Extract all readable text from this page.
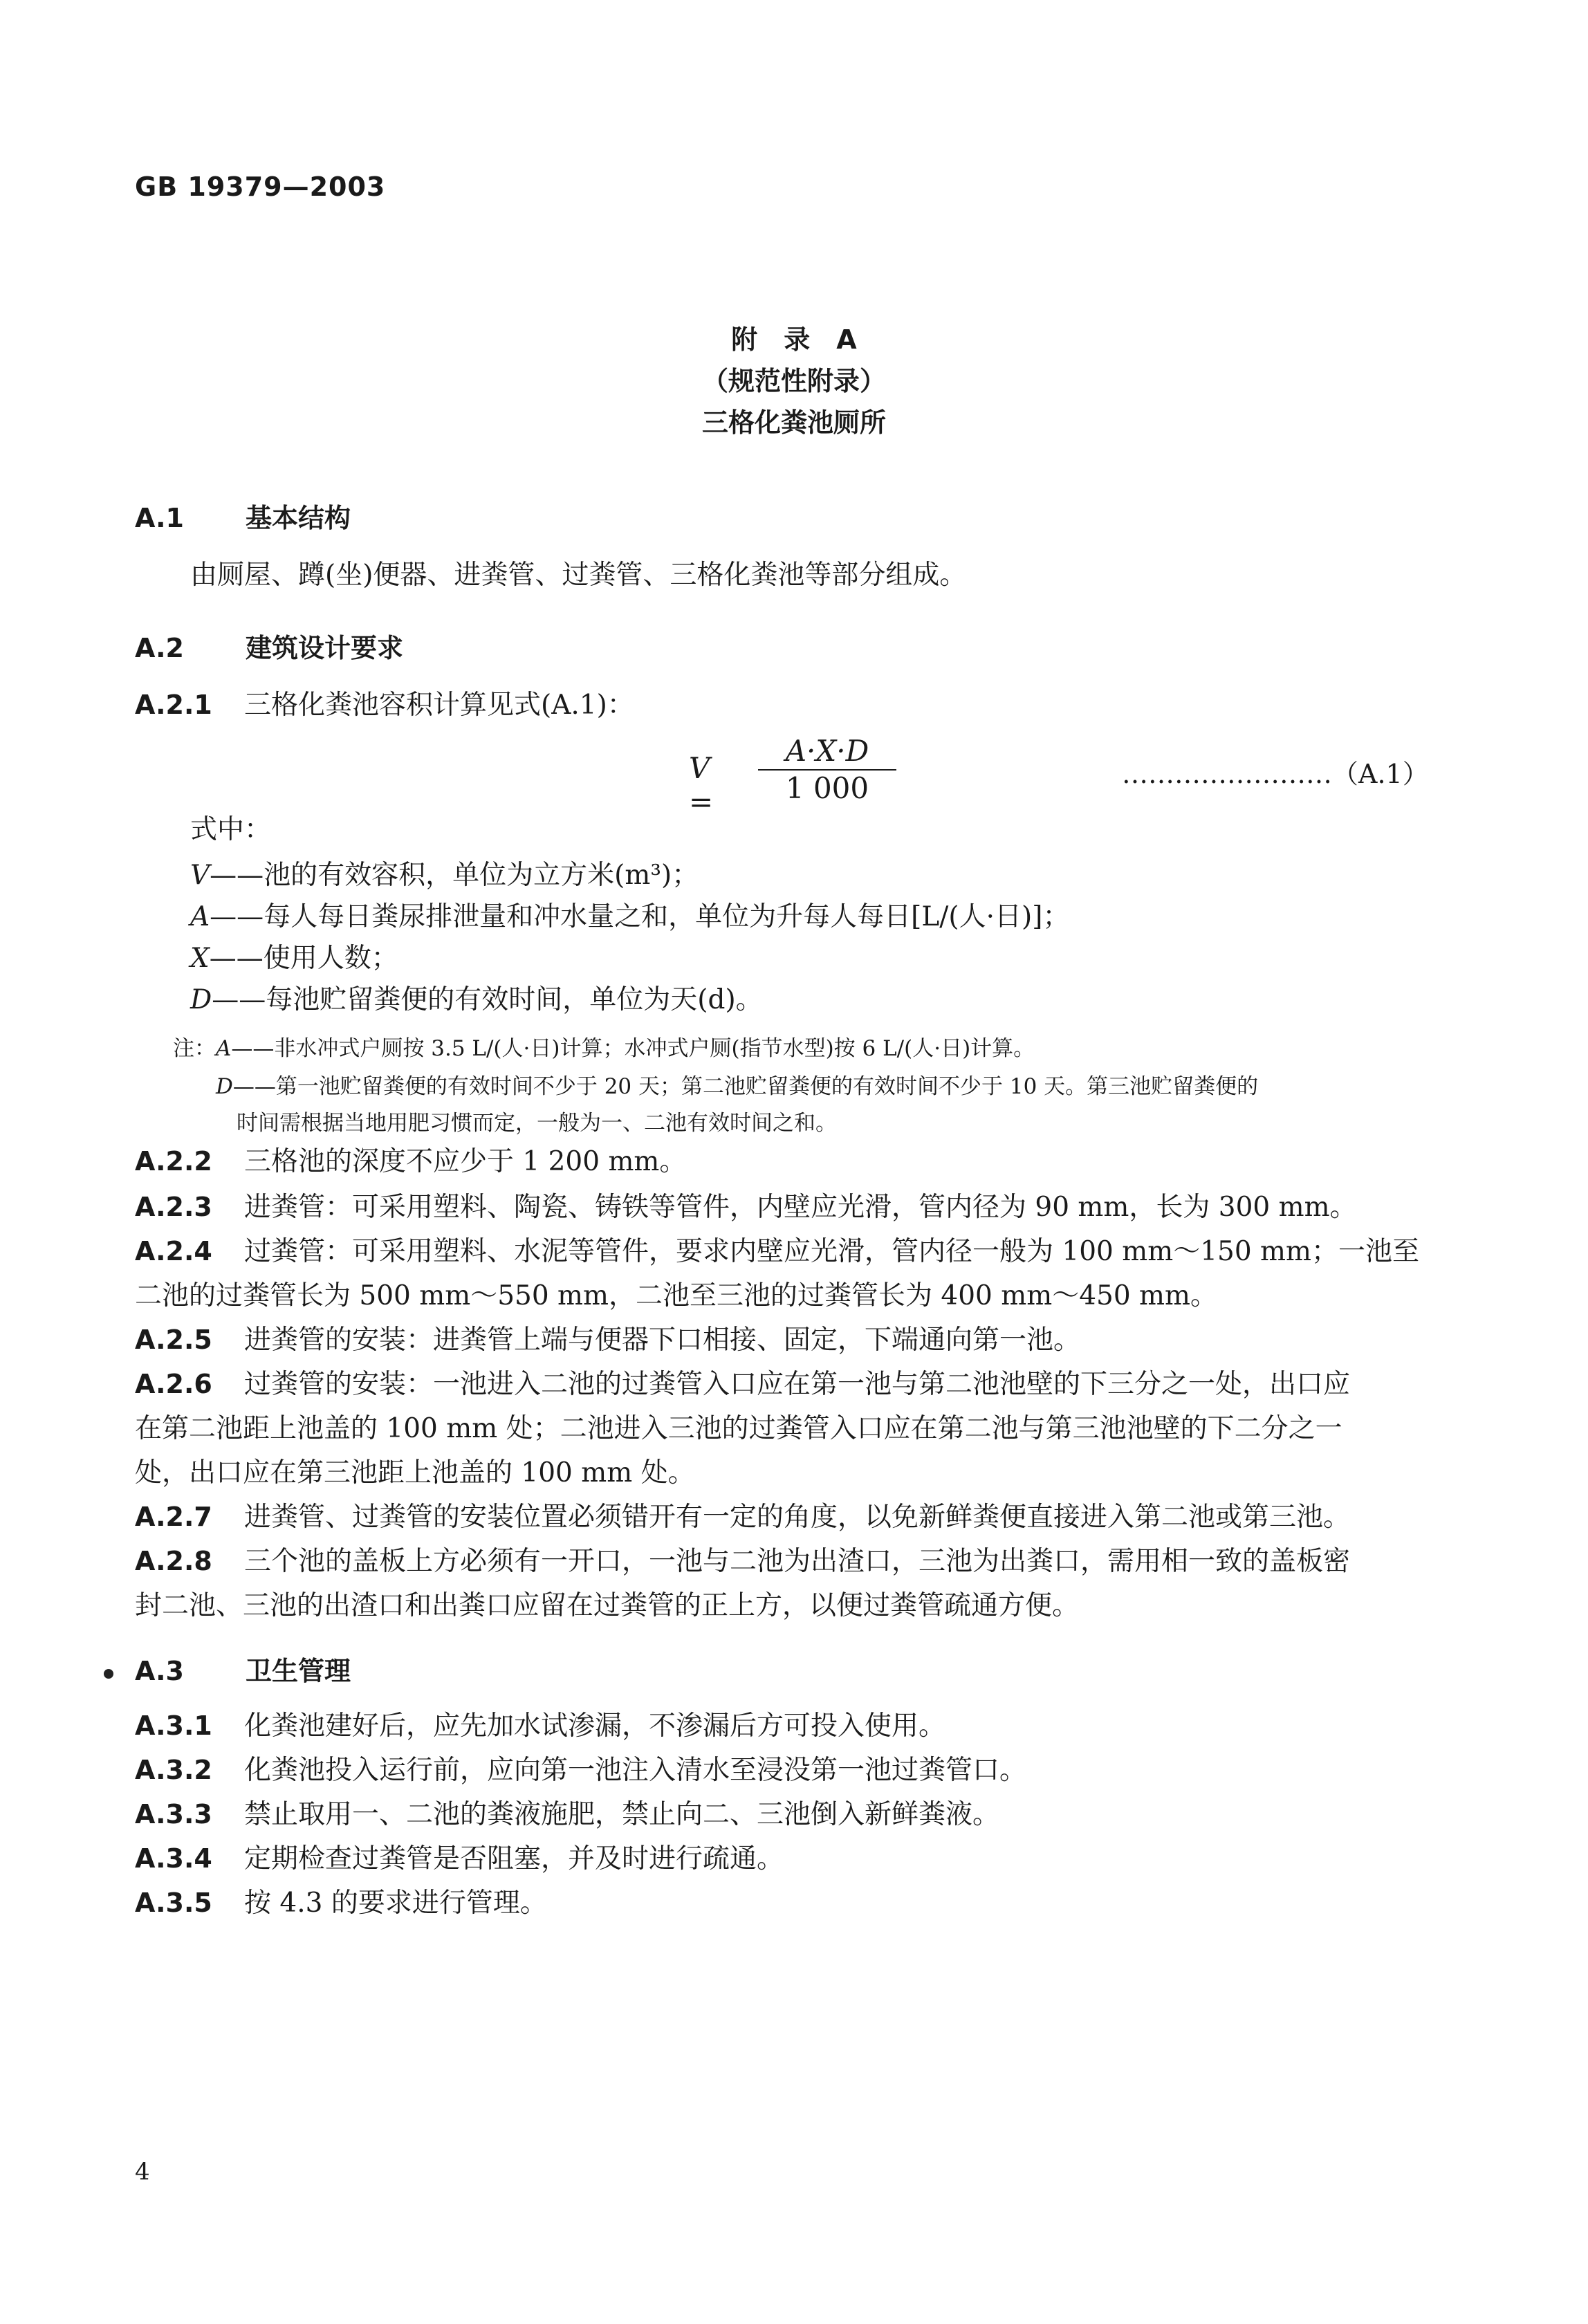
GB 19379—2003
附　录　A
（规范性附录）
三格化粪池厕所
A.1 基本结构
由厕屋、蹲(坐)便器、进粪管、过粪管、三格化粪池等部分组成。
A.2 建筑设计要求
A.2.1 三格化粪池容积计算见式(A.1)：
V =
A·X·D
1 000	……………………（A.1）
式中：
V——池的有效容积，单位为立方米(m³)；
A——每人每日粪尿排泄量和冲水量之和，单位为升每人每日[L/(人·日)]；
X——使用人数；
D——每池贮留粪便的有效时间，单位为天(d)。
注：A——非水冲式户厕按 3.5 L/(人·日)计算；水冲式户厕(指节水型)按 6 L/(人·日)计算。
D——第一池贮留粪便的有效时间不少于 20 天；第二池贮留粪便的有效时间不少于 10 天。第三池贮留粪便的
时间需根据当地用肥习惯而定，一般为一、二池有效时间之和。
A.2.2 三格池的深度不应少于 1 200 mm。
A.2.3 进粪管：可采用塑料、陶瓷、铸铁等管件，内壁应光滑，管内径为 90 mm，长为 300 mm。
A.2.4 过粪管：可采用塑料、水泥等管件，要求内壁应光滑，管内径一般为 100 mm～150 mm；一池至
二池的过粪管长为 500 mm～550 mm，二池至三池的过粪管长为 400 mm～450 mm。
A.2.5 进粪管的安装：进粪管上端与便器下口相接、固定，下端通向第一池。
A.2.6 过粪管的安装：一池进入二池的过粪管入口应在第一池与第二池池壁的下三分之一处，出口应
在第二池距上池盖的 100 mm 处；二池进入三池的过粪管入口应在第二池与第三池池壁的下二分之一
处，出口应在第三池距上池盖的 100 mm 处。
A.2.7 进粪管、过粪管的安装位置必须错开有一定的角度，以免新鲜粪便直接进入第二池或第三池。
A.2.8 三个池的盖板上方必须有一开口，一池与二池为出渣口，三池为出粪口，需用相一致的盖板密
封二池、三池的出渣口和出粪口应留在过粪管的正上方，以便过粪管疏通方便。
A.3 卫生管理
A.3.1 化粪池建好后，应先加水试渗漏，不渗漏后方可投入使用。
A.3.2 化粪池投入运行前，应向第一池注入清水至浸没第一池过粪管口。
A.3.3 禁止取用一、二池的粪液施肥，禁止向二、三池倒入新鲜粪液。
A.3.4 定期检查过粪管是否阻塞，并及时进行疏通。
A.3.5 按 4.3 的要求进行管理。
4
